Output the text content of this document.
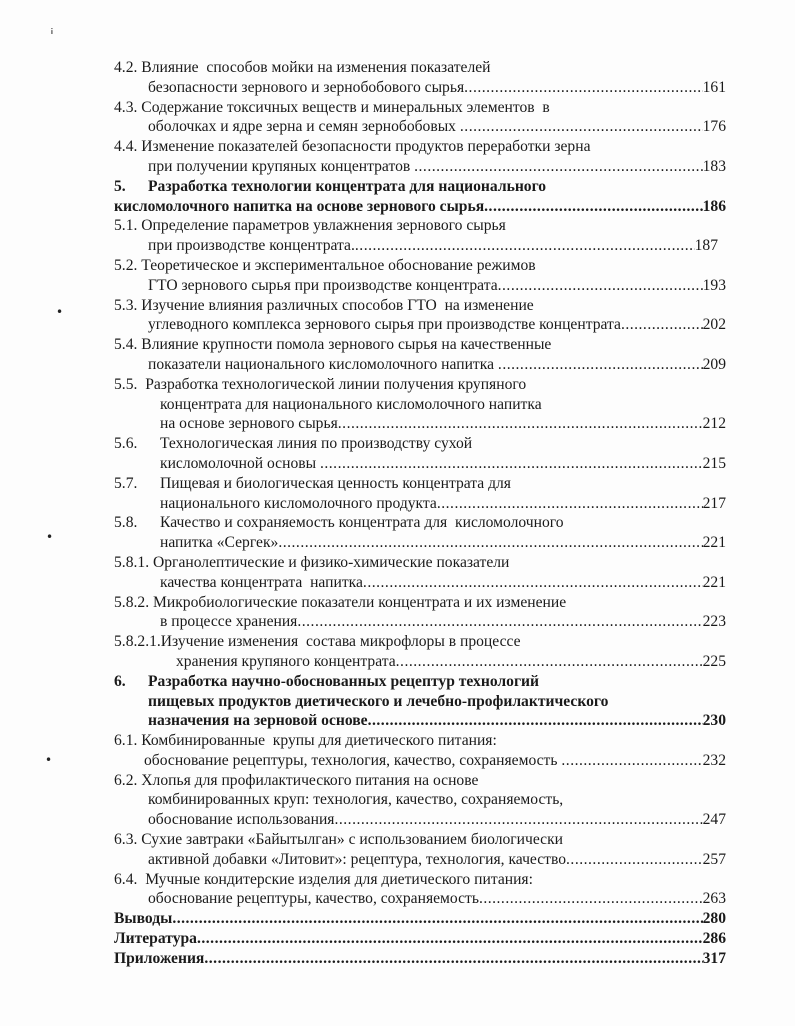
ꜟ
•
•
•
4.2. Влияние  способов мойки на изменения показателей
безопасности зернового и зернобобового сырья .....	161
4.3. Содержание токсичных веществ и минеральных элементов  в
оболочках и ядре зерна и семян зернобобовых .....	176
4.4. Изменение показателей безопасности продуктов переработки зерна
при получении крупяных концентратов .....	183
5.	Разработка технологии концентрата для национального
кисломолочного напитка на основе зернового сырья .....	186
5.1. Определение параметров увлажнения зернового сырья
при производстве концентрата. .....	187
5.2. Теоретическое и экспериментальное обоснование режимов
ГТО зернового сырья при производстве концентрата .....	193
5.3. Изучение влияния различных способов ГТО  на изменение
углеводного комплекса зернового сырья при производстве концентрата .....	202
5.4. Влияние крупности помола зернового сырья на качественные
показатели национального кисломолочного напитка .....	209
5.5.  Разработка технологической линии получения крупяного
концентрата для национального кисломолочного напитка
на основе зернового сырья .....	212
5.6.	Технологическая линия по производству сухой
кисломолочной основы .....	215
5.7.	Пищевая и биологическая ценность концентрата для
национального кисломолочного продукта .....	217
5.8.	Качество и сохраняемость концентрата для  кисломолочного
напитка «Сергек» .....	221
5.8.1. Органолептические и физико-химические показатели
качества концентрата  напитка .....	221
5.8.2. Микробиологические показатели концентрата и их изменение
в процессе хранения .....	223
5.8.2.1.Изучение изменения  состава микрофлоры в процессе
хранения крупяного концентрата .....	225
6.	Разработка научно-обоснованных рецептур технологий
пищевых продуктов диетического и лечебно-профилактического
назначения на зерновой основе .....	230
6.1. Комбинированные  крупы для диетического питания:
обоснование рецептуры, технология, качество, сохраняемость .....	232
6.2. Хлопья для профилактического питания на основе
комбинированных круп: технология, качество, сохраняемость,
обоснование использования .....	247
6.3. Сухие завтраки «Байытылган» с использованием биологически
активной добавки «Литовит»: рецептура, технология, качество .....	257
6.4.  Мучные кондитерские изделия для диетического питания:
обоснование рецептуры, качество, сохраняемость .....	263
Выводы .....	280
Литература .....	286
Приложения .....	317
